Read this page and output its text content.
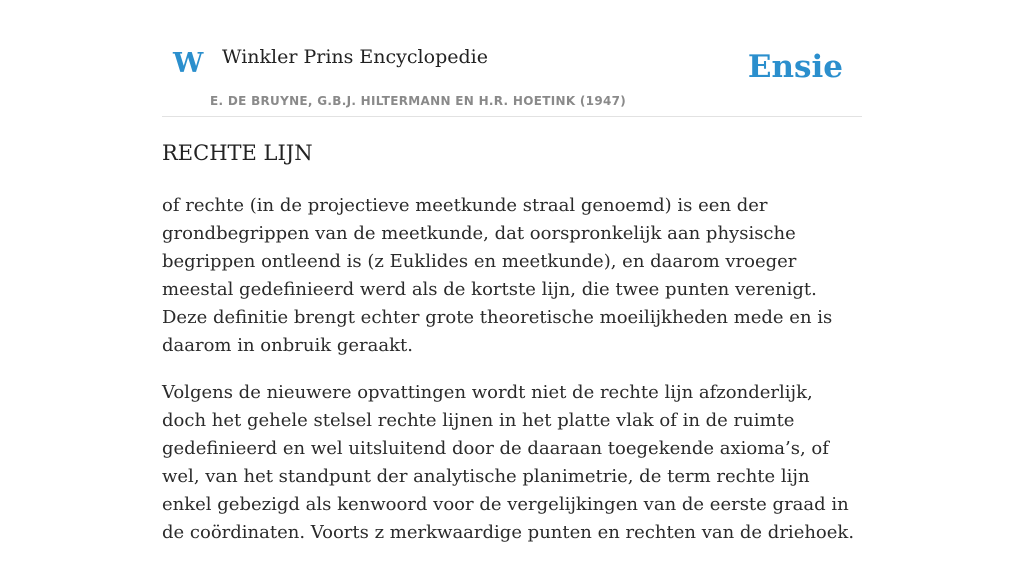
W Winkler Prins Encyclopedie
E. DE BRUYNE, G.B.J. HILTERMANN EN H.R. HOETINK (1947)
Ensie
RECHTE LIJN

of rechte (in de projectieve meetkunde straal genoemd) is een der grondbegrippen van de meetkunde, dat oorspronkelijk aan physische begrippen ontleend is (z Euklides en meetkunde), en daarom vroeger meestal gedefinieerd werd als de kortste lijn, die twee punten verenigt. Deze definitie brengt echter grote theoretische moeilijkheden mede en is daarom in onbruik geraakt.

Volgens de nieuwere opvattingen wordt niet de rechte lijn afzonderlijk, doch het gehele stelsel rechte lijnen in het platte vlak of in de ruimte gedefinieerd en wel uitsluitend door de daaraan toegekende axioma’s, of wel, van het standpunt der analytische planimetrie, de term rechte lijn enkel gebezigd als kenwoord voor de vergelijkingen van de eerste graad in de coördinaten. Voorts z merkwaardige punten en rechten van de driehoek.
